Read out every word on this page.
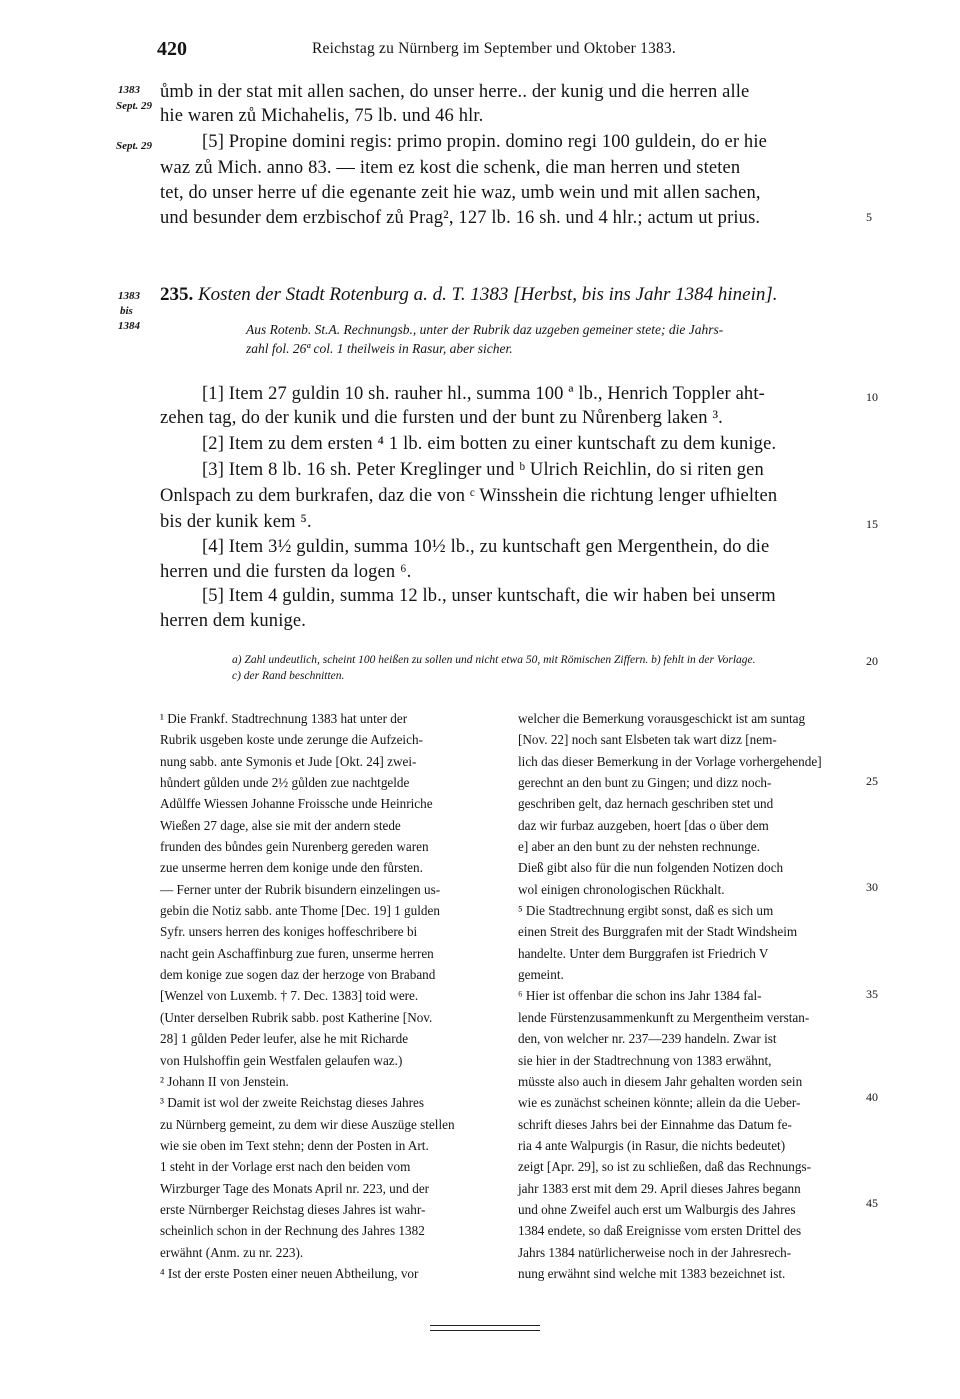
420	Reichstag zu Nürnberg im September und Oktober 1383.
1383
Sept. 29
Sept. 29
1383
bis
1384
5
10
15
20
25
30
35
40
45
ůmb in der stat mit allen sachen, do unser herre.. der kunig und die herren alle
hie waren zů Michahelis, 75 lb. und 46 hlr.
[5] Propine domini regis: primo propin. domino regi 100 guldein, do er hie
waz zů Mich. anno 83. — item ez kost die schenk, die man herren und steten
tet, do unser herre uf die egenante zeit hie waz, umb wein und mit allen sachen,
und besunder dem erzbischof zů Prag², 127 lb. 16 sh. und 4 hlr.; actum ut prius.
235. Kosten der Stadt Rotenburg a. d. T. 1383 [Herbst, bis ins Jahr 1384 hinein].
Aus Rotenb. St.A. Rechnungsb., unter der Rubrik daz uzgeben gemeiner stete; die Jahrs-
zahl fol. 26ª col. 1 theilweis in Rasur, aber sicher.
[1] Item 27 guldin 10 sh. rauher hl., summa 100 ª lb., Henrich Toppler aht-
zehen tag, do der kunik und die fursten und der bunt zu Nůrenberg laken ³.
[2] Item zu dem ersten ⁴ 1 lb. eim botten zu einer kuntschaft zu dem kunige.
[3] Item 8 lb. 16 sh. Peter Kreglinger und ᵇ Ulrich Reichlin, do si riten gen
Onlspach zu dem burkrafen, daz die von ᶜ Winsshein die richtung lenger ufhielten
bis der kunik kem ⁵.
[4] Item 3½ guldin, summa 10½ lb., zu kuntschaft gen Mergenthein, do die
herren und die fursten da logen ⁶.
[5] Item 4 guldin, summa 12 lb., unser kuntschaft, die wir haben bei unserm
herren dem kunige.
a) Zahl undeutlich, scheint 100 heißen zu sollen und nicht etwa 50, mit Römischen Ziffern. b) fehlt in der Vorlage.
c) der Rand beschnitten.
¹ Die Frankf. Stadtrechnung 1383 hat unter der
Rubrik usgeben koste unde zerunge die Aufzeich-
nung sabb. ante Symonis et Jude [Okt. 24] zwei-
hůndert gůlden unde 2½ gůlden zue nachtgelde
Adůlffe Wiessen Johanne Froissche unde Heinriche
Wießen 27 dage, alse sie mit der andern stede
frunden des bůndes gein Nurenberg gereden waren
zue unserme herren dem konige unde den fůrsten.
— Ferner unter der Rubrik bisundern einzelingen us-
gebin die Notiz sabb. ante Thome [Dec. 19] 1 gulden
Syfr. unsers herren des koniges hoffeschribere bi
nacht gein Aschaffinburg zue furen, unserme herren
dem konige zue sogen daz der herzoge von Braband
[Wenzel von Luxemb. † 7. Dec. 1383] toid were.
(Unter derselben Rubrik sabb. post Katherine [Nov.
28] 1 gůlden Peder leufer, alse he mit Richarde
von Hulshoffin gein Westfalen gelaufen waz.)
² Johann II von Jenstein.
³ Damit ist wol der zweite Reichstag dieses Jahres
zu Nürnberg gemeint, zu dem wir diese Auszüge stellen
wie sie oben im Text stehn; denn der Posten in Art.
1 steht in der Vorlage erst nach den beiden vom
Wirzburger Tage des Monats April nr. 223, und der
erste Nürnberger Reichstag dieses Jahres ist wahr-
scheinlich schon in der Rechnung des Jahres 1382
erwähnt (Anm. zu nr. 223).
⁴ Ist der erste Posten einer neuen Abtheilung, vor
welcher die Bemerkung vorausgeschickt ist am suntag
[Nov. 22] noch sant Elsbeten tak wart dizz [nem-
lich das dieser Bemerkung in der Vorlage vorhergehende]
gerechnt an den bunt zu Gingen; und dizz noch-
geschriben gelt, daz hernach geschriben stet und
daz wir furbaz auzgeben, hoert [das o über dem
e] aber an den bunt zu der nehsten rechnunge.
Dieß gibt also für die nun folgenden Notizen doch
wol einigen chronologischen Rückhalt.
⁵ Die Stadtrechnung ergibt sonst, daß es sich um
einen Streit des Burggrafen mit der Stadt Windsheim
handelte. Unter dem Burggrafen ist Friedrich V
gemeint.
⁶ Hier ist offenbar die schon ins Jahr 1384 fal-
lende Fürstenzusammenkunft zu Mergentheim verstan-
den, von welcher nr. 237—239 handeln. Zwar ist
sie hier in der Stadtrechnung von 1383 erwähnt,
müsste also auch in diesem Jahr gehalten worden sein
wie es zunächst scheinen könnte; allein da die Ueber-
schrift dieses Jahrs bei der Einnahme das Datum fe-
ria 4 ante Walpurgis (in Rasur, die nichts bedeutet)
zeigt [Apr. 29], so ist zu schließen, daß das Rechnungs-
jahr 1383 erst mit dem 29. April dieses Jahres begann
und ohne Zweifel auch erst um Walburgis des Jahres
1384 endete, so daß Ereignisse vom ersten Drittel des
Jahrs 1384 natürlicherweise noch in der Jahresrech-
nung erwähnt sind welche mit 1383 bezeichnet ist.
